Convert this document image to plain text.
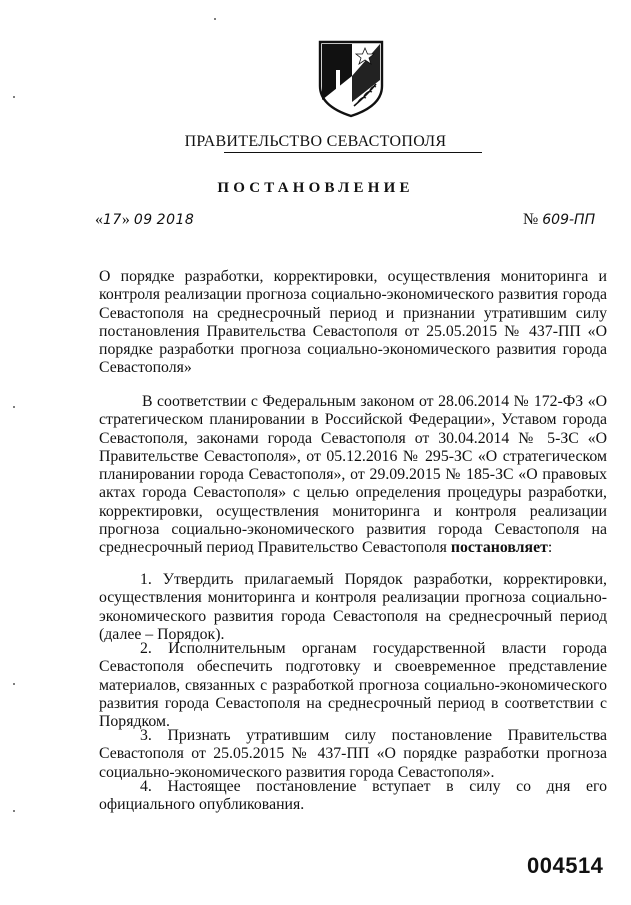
ПРАВИТЕЛЬСТВО СЕВАСТОПОЛЯ
ПОСТАНОВЛЕНИЕ
«17» 09 2018	№ 609-ПП

О порядке разработки, корректировки, осуществления мониторинга и контроля реализации прогноза социально-экономического развития города Севастополя на среднесрочный период и признании утратившим силу постановления Правительства Севастополя от 25.05.2015 № 437-ПП «О порядке разработки прогноза социально-экономического развития города Севастополя»

В соответствии с Федеральным законом от 28.06.2014 № 172-ФЗ «О стратегическом планировании в Российской Федерации», Уставом города Севастополя, законами города Севастополя от 30.04.2014 № 5-ЗС «О Правительстве Севастополя», от 05.12.2016 № 295-ЗС «О стратегическом планировании города Севастополя», от 29.09.2015 № 185-ЗС «О правовых актах города Севастополя» с целью определения процедуры разработки, корректировки, осуществления мониторинга и контроля реализации прогноза социально-экономического развития города Севастополя на среднесрочный период Правительство Севастополя постановляет:

1. Утвердить прилагаемый Порядок разработки, корректировки, осуществления мониторинга и контроля реализации прогноза социально-экономического развития города Севастополя на среднесрочный период (далее – Порядок).

2. Исполнительным органам государственной власти города Севастополя обеспечить подготовку и своевременное представление материалов, связанных с разработкой прогноза социально-экономического развития города Севастополя на среднесрочный период в соответствии с Порядком.

3. Признать утратившим силу постановление Правительства Севастополя от 25.05.2015 № 437-ПП «О порядке разработки прогноза социально-экономического развития города Севастополя».

4. Настоящее постановление вступает в силу со дня его официального опубликования.

004514
